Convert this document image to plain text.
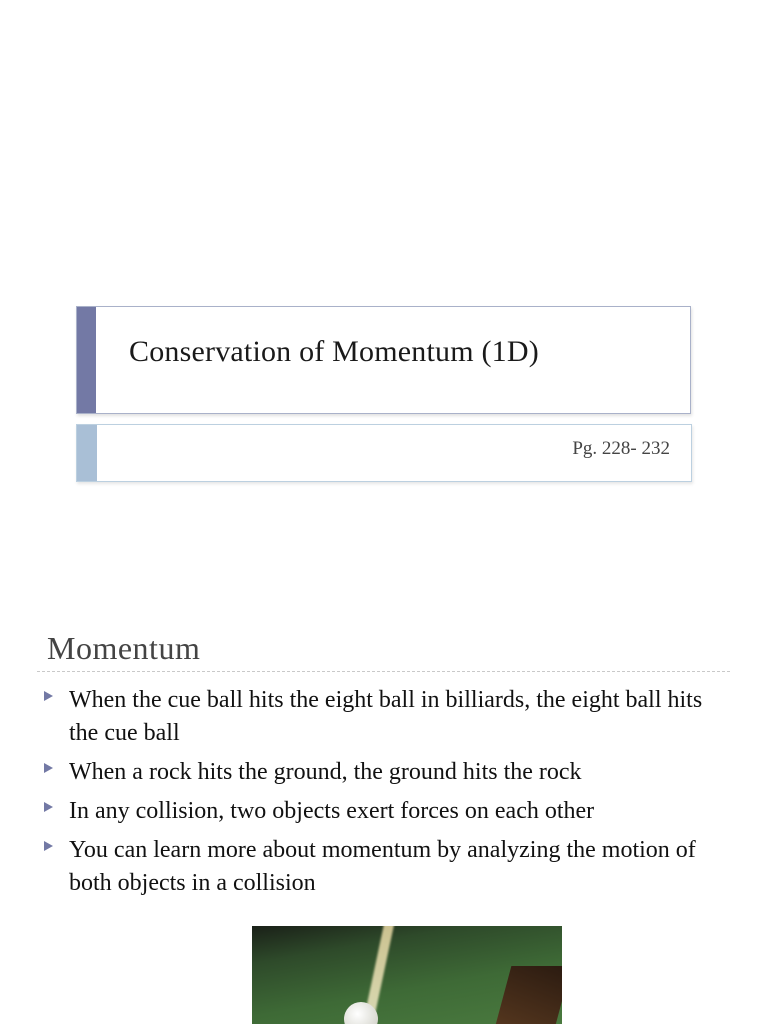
Conservation of Momentum (1D)
Pg. 228- 232
Momentum
When the cue ball hits the eight ball in billiards, the eight ball hits the cue ball
When a rock hits the ground, the ground hits the rock
In any collision, two objects exert forces on each other
You can learn more about momentum by analyzing the motion of both objects in a collision
